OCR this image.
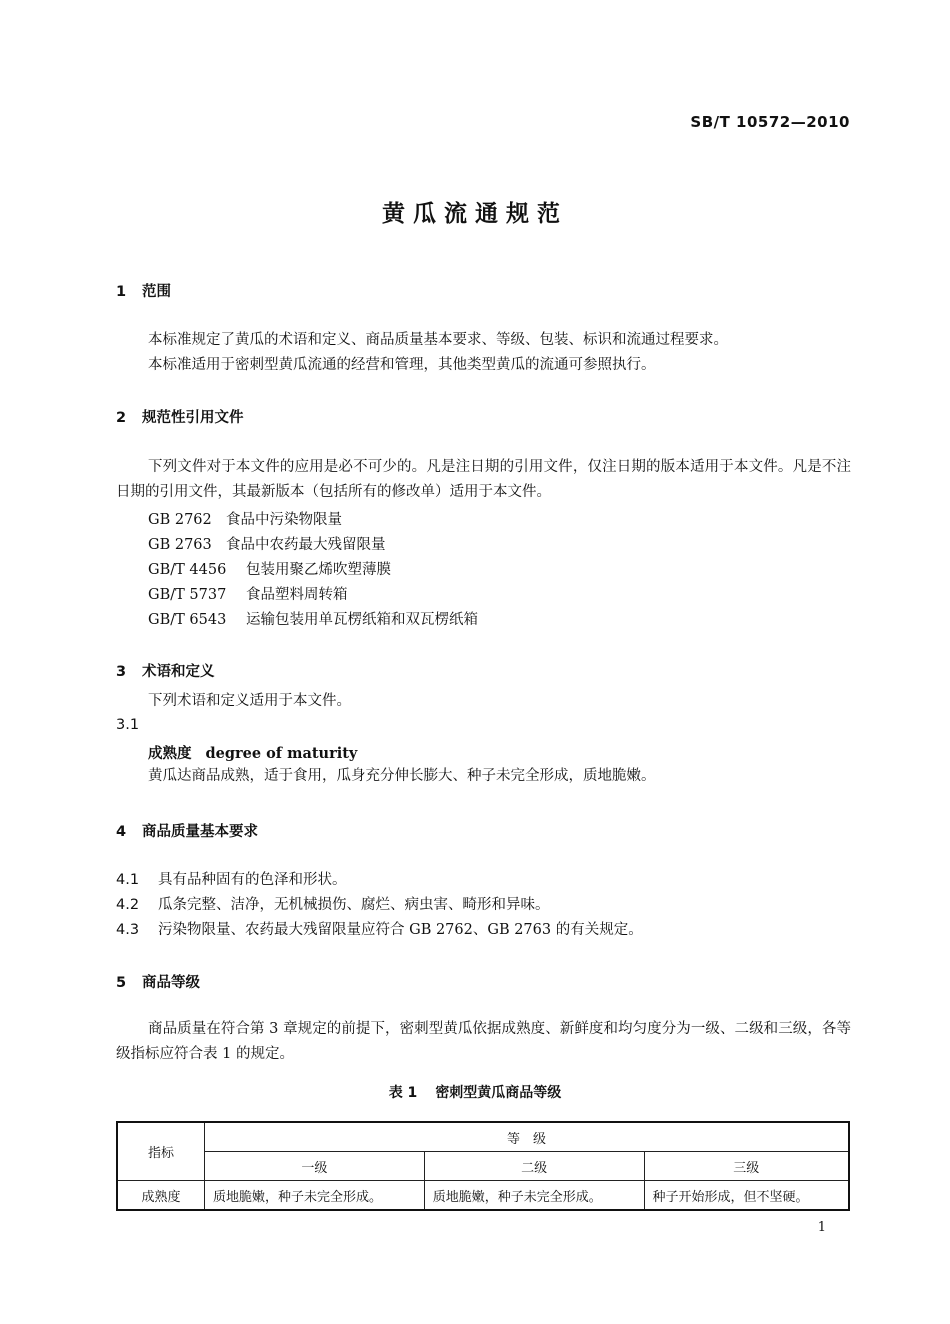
SB/T 10572—2010
黄瓜流通规范
1 范围
本标准规定了黄瓜的术语和定义、商品质量基本要求、等级、包装、标识和流通过程要求。
本标准适用于密刺型黄瓜流通的经营和管理，其他类型黄瓜的流通可参照执行。
2 规范性引用文件
下列文件对于本文件的应用是必不可少的。凡是注日期的引用文件，仅注日期的版本适用于本文件。凡是不注日期的引用文件，其最新版本（包括所有的修改单）适用于本文件。
GB 2762 食品中污染物限量
GB 2763 食品中农药最大残留限量
GB/T 4456 包装用聚乙烯吹塑薄膜
GB/T 5737 食品塑料周转箱
GB/T 6543 运输包装用单瓦楞纸箱和双瓦楞纸箱
3 术语和定义
下列术语和定义适用于本文件。
3.1
成熟度 degree of maturity
黄瓜达商品成熟，适于食用，瓜身充分伸长膨大、种子未完全形成，质地脆嫩。
4 商品质量基本要求
4.1 具有品种固有的色泽和形状。
4.2 瓜条完整、洁净，无机械损伤、腐烂、病虫害、畸形和异味。
4.3 污染物限量、农药最大残留限量应符合 GB 2762、GB 2763 的有关规定。
5 商品等级
商品质量在符合第 3 章规定的前提下，密刺型黄瓜依据成熟度、新鲜度和均匀度分为一级、二级和三级，各等级指标应符合表 1 的规定。
表 1 密刺型黄瓜商品等级
指标	等　级		
	一级	二级	三级
成熟度	质地脆嫩，种子未完全形成。	质地脆嫩，种子未完全形成。	种子开始形成，但不坚硬。
1
